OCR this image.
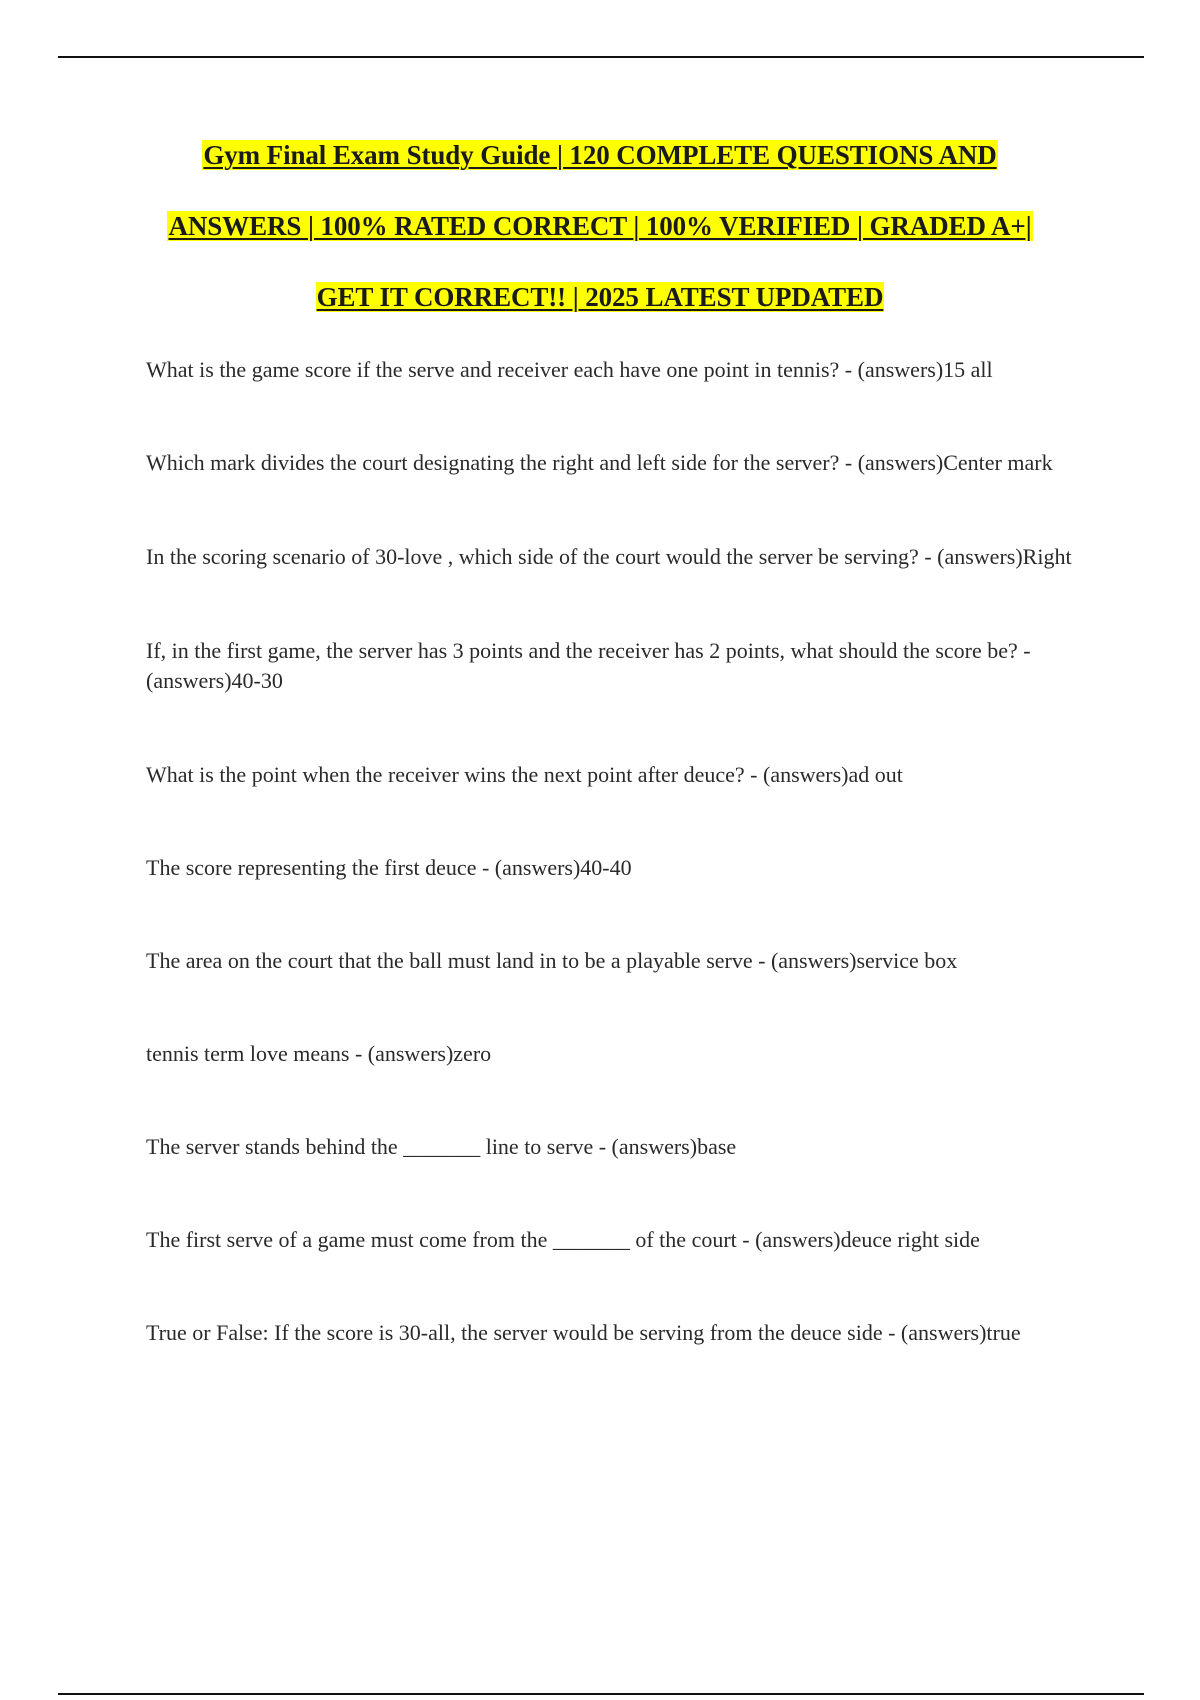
Gym Final Exam Study Guide | 120 COMPLETE QUESTIONS AND
ANSWERS | 100% RATED CORRECT | 100% VERIFIED | GRADED A+|
GET IT CORRECT!! | 2025 LATEST UPDATED
What is the game score if the serve and receiver each have one point in tennis? - (answers)15 all
Which mark divides the court designating the right and left side for the server? - (answers)Center mark
In the scoring scenario of 30-love , which side of the court would the server be serving? - (answers)Right
If, in the first game, the server has 3 points and the receiver has 2 points, what should the score be? - (answers)40-30
What is the point when the receiver wins the next point after deuce? - (answers)ad out
The score representing the first deuce - (answers)40-40
The area on the court that the ball must land in to be a playable serve - (answers)service box
tennis term love means - (answers)zero
The server stands behind the _______ line to serve - (answers)base
The first serve of a game must come from the _______ of the court - (answers)deuce right side
True or False: If the score is 30-all, the server would be serving from the deuce side - (answers)true
